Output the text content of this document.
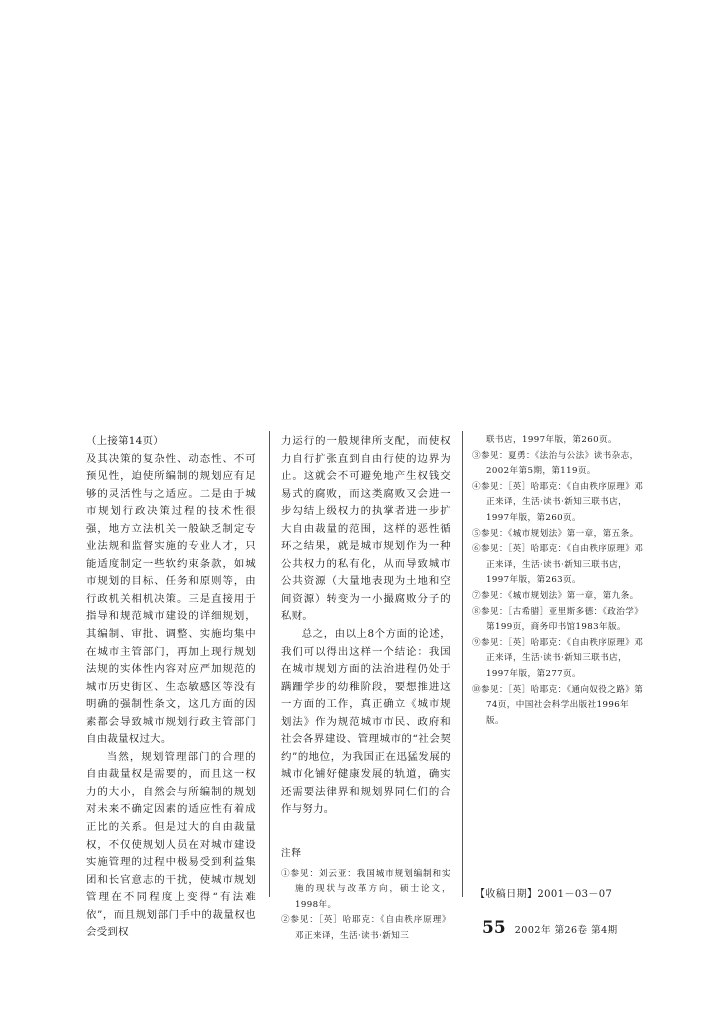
（上接第14页）

及其决策的复杂性、动态性、不可预见性，迫使所编制的规划应有足够的灵活性与之适应。二是由于城市规划行政决策过程的技术性很强，地方立法机关一般缺乏制定专业法规和监督实施的专业人才，只能适度制定一些软约束条款，如城市规划的目标、任务和原则等，由行政机关相机决策。三是直接用于指导和规范城市建设的详细规划，其编制、审批、调整、实施均集中在城市主管部门，再加上现行规划法规的实体性内容对应严加规范的城市历史街区、生态敏感区等没有明确的强制性条文，这几方面的因素都会导致城市规划行政主管部门自由裁量权过大。

当然，规划管理部门的合理的自由裁量权是需要的，而且这一权力的大小，自然会与所编制的规划对未来不确定因素的适应性有着成正比的关系。但是过大的自由裁量权，不仅使规划人员在对城市建设实施管理的过程中极易受到利益集团和长官意志的干扰，使城市规划管理在不同程度上变得“有法难依”，而且规划部门手中的裁量权也会受到权

力运行的一般规律所支配，而使权力自行扩张直到自由行使的边界为止。这就会不可避免地产生权钱交易式的腐败，而这类腐败又会进一步勾结上级权力的执掌者进一步扩大自由裁量的范围，这样的恶性循环之结果，就是城市规划作为一种公共权力的私有化，从而导致城市公共资源（大量地表现为土地和空间资源）转变为一小撮腐败分子的私财。

总之，由以上8个方面的论述，我们可以得出这样一个结论：我国在城市规划方面的法治进程仍处于蹒跚学步的幼稚阶段，要想推进这一方面的工作，真正确立《城市规划法》作为规范城市市民、政府和社会各界建设、管理城市的“社会契约”的地位，为我国正在迅猛发展的城市化铺好健康发展的轨道，确实还需要法律界和规划界同仁们的合作与努力。

注释

①参见：刘云亚：我国城市规划编制和实施的现状与改革方向，硕士论文，1998年。

②参见：［英］哈耶克：《自由秩序原理》邓正来译，生活·读书·新知三

联书店，1997年版，第260页。

③参见：夏勇：《法治与公法》读书杂志，2002年第5期，第119页。

④参见：［英］哈耶克：《自由秩序原理》邓正来译，生活·读书·新知三联书店，1997年版，第260页。

⑤参见：《城市规划法》第一章，第五条。

⑥参见：［英］哈耶克：《自由秩序原理》邓正来译，生活·读书·新知三联书店，1997年版，第263页。

⑦参见：《城市规划法》第一章，第九条。

⑧参见：［古希腊］亚里斯多德：《政治学》第199页，商务印书馆1983年版。

⑨参见：［英］哈耶克：《自由秩序原理》邓正来译，生活·读书·新知三联书店，1997年版，第277页。

⑩参见：［英］哈耶克：《通向奴役之路》第74页，中国社会科学出版社1996年版。

【收稿日期】2001－03－07
55 2002年 第26卷 第4期
